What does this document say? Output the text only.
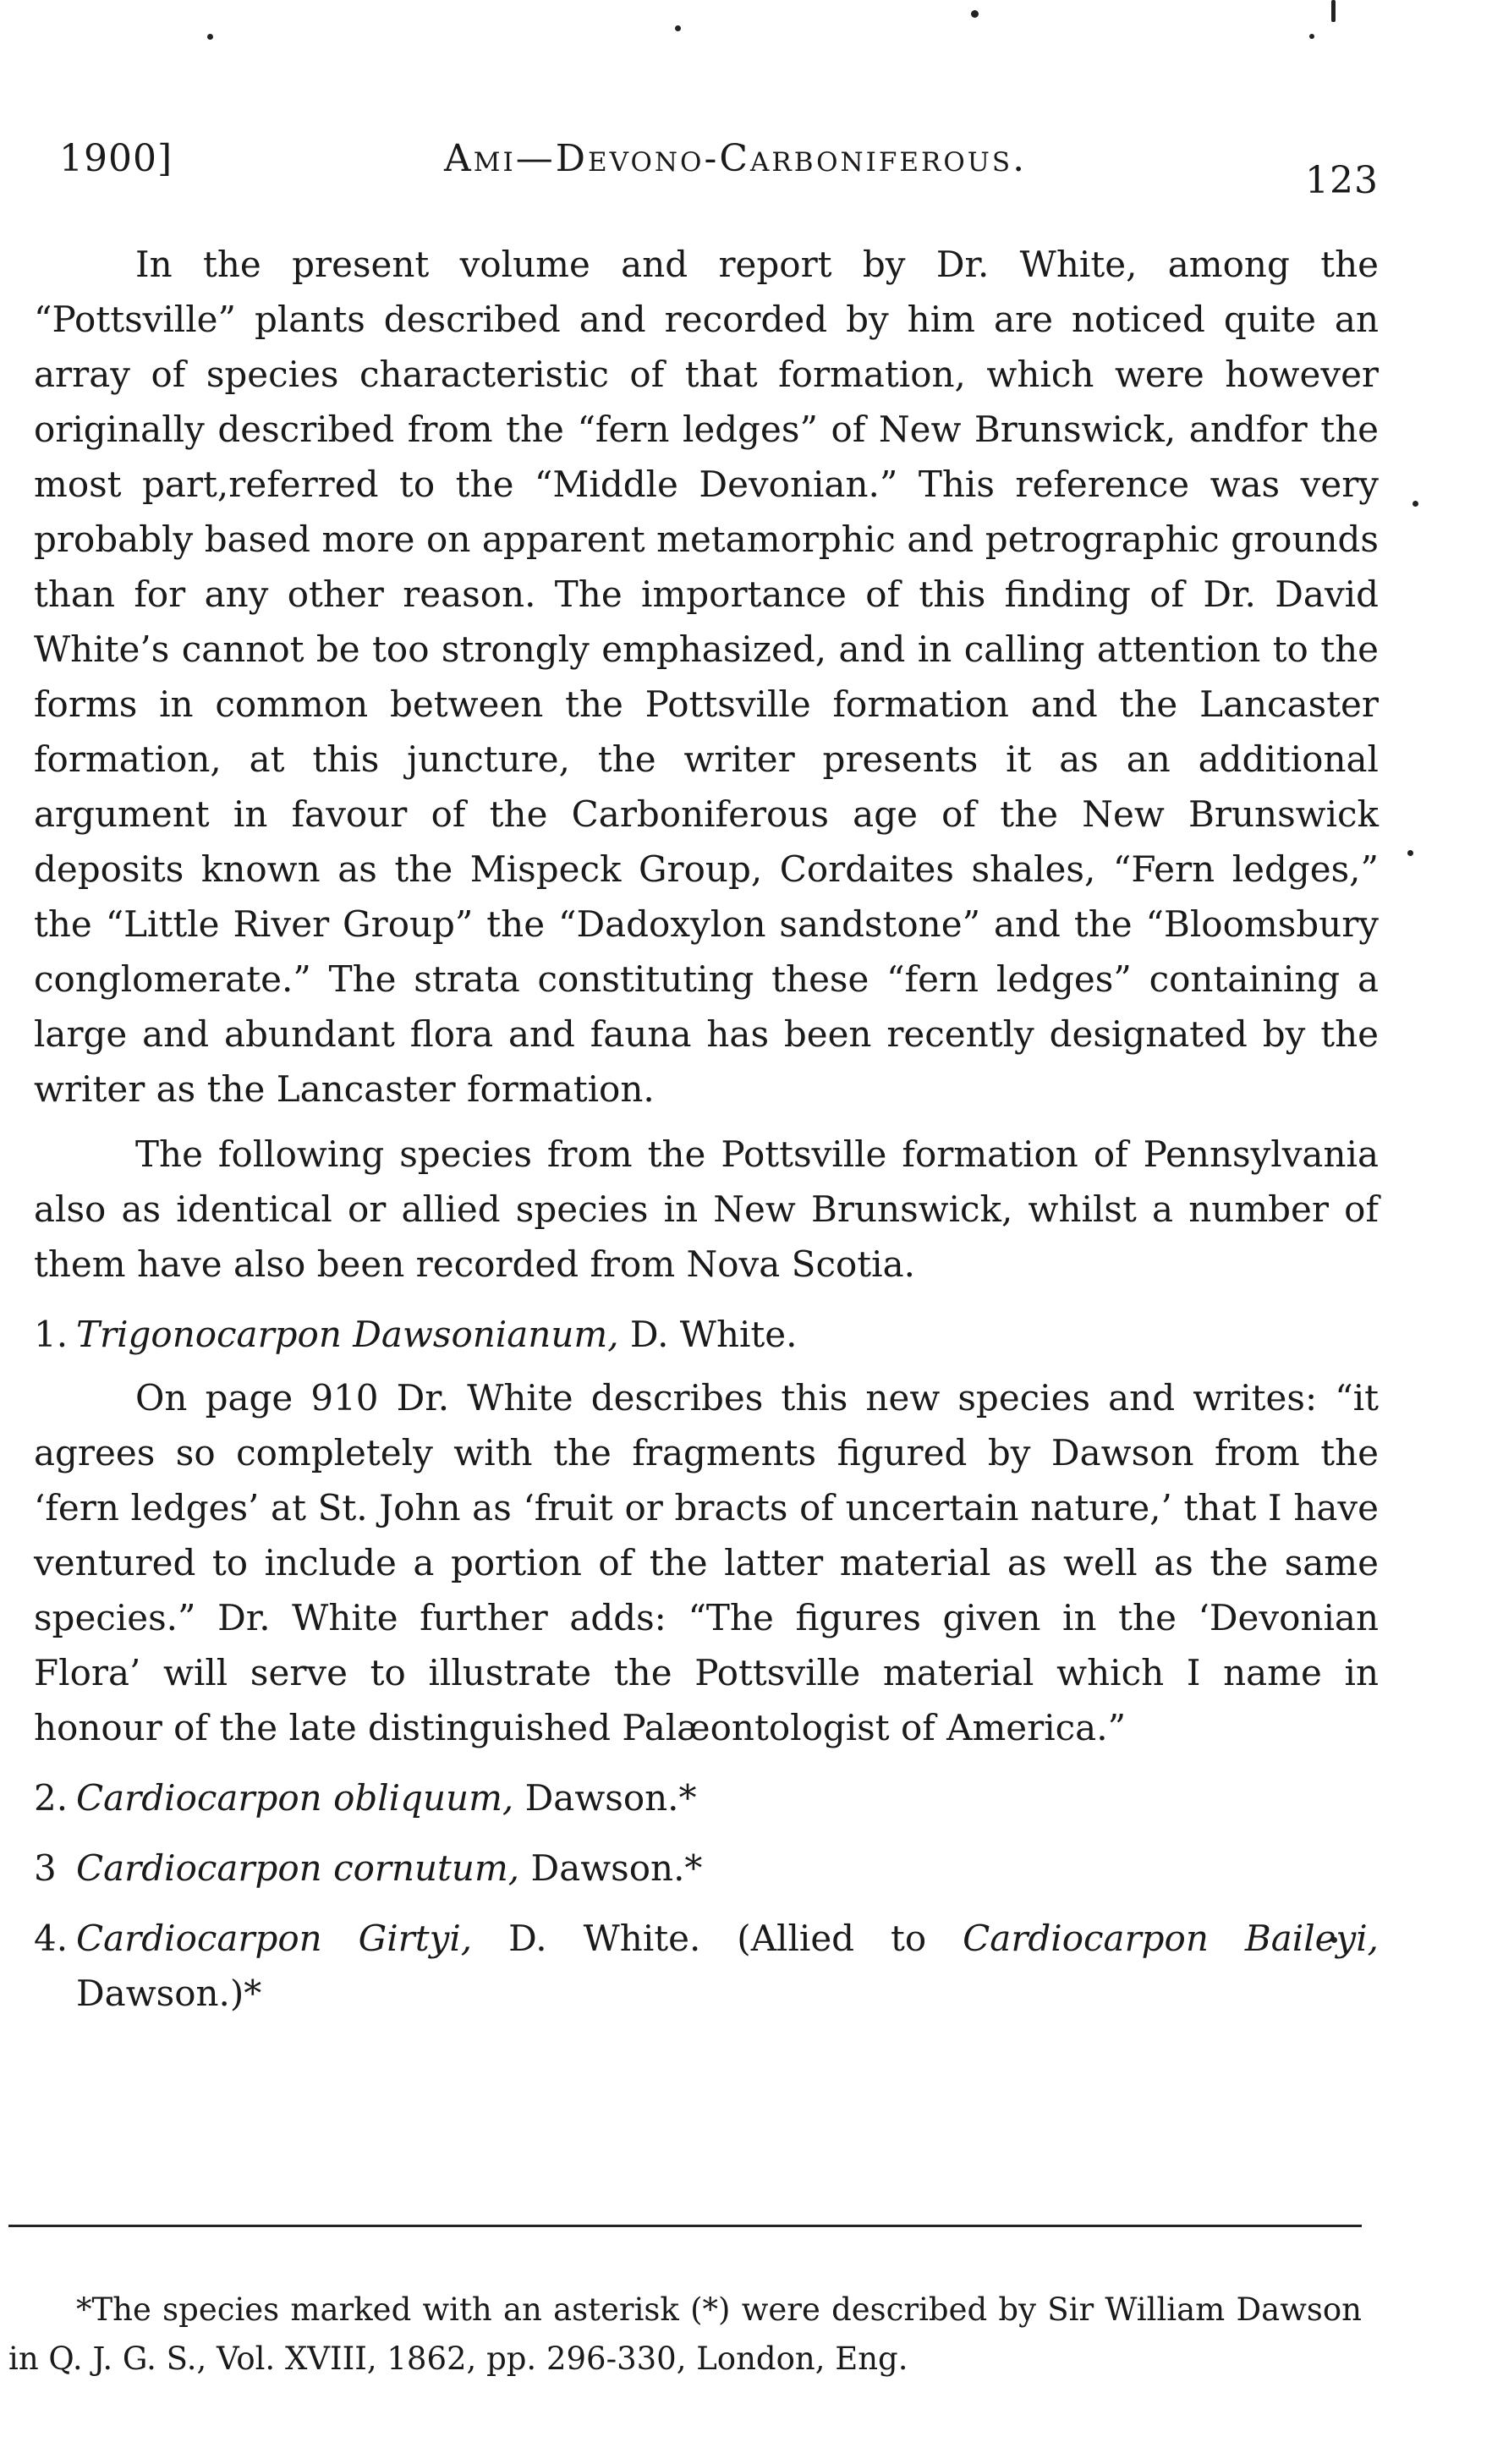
1900]	Ami—Devono-Carboniferous.
123

In the present volume and report by Dr. White, among the “Pottsville” plants described and recorded by him are noticed quite an array of species characteristic of that formation, which were however originally described from the “fern ledges” of New Brunswick, andfor the most part,referred to the “Middle Devonian.” This reference was very probably based more on apparent metamorphic and petrographic grounds than for any other reason. The importance of this finding of Dr. David White’s cannot be too strongly emphasized, and in calling attention to the forms in common between the Pottsville formation and the Lancaster formation, at this juncture, the writer presents it as an additional argument in favour of the Carboniferous age of the New Brunswick deposits known as the Mispeck Group, Cordaites shales, “Fern ledges,” the “Little River Group” the “Dadoxylon sandstone” and the “Bloomsbury conglomerate.” The strata constituting these “fern ledges” containing a large and abundant flora and fauna has been recently designated by the writer as the Lancaster formation.

The following species from the Pottsville formation of Pennsylvania also as identical or allied species in New Brunswick, whilst a number of them have also been recorded from Nova Scotia.

1. Trigonocarpon Dawsonianum, D. White.

On page 910 Dr. White describes this new species and writes: “it agrees so completely with the fragments figured by Dawson from the ‘fern ledges’ at St. John as ‘fruit or bracts of uncertain nature,’ that I have ventured to include a portion of the latter material as well as the same species.” Dr. White further adds: “The figures given in the ‘Devonian Flora’ will serve to illustrate the Pottsville material which I name in honour of the late distinguished Palæontologist of America.”

2. Cardiocarpon obliquum, Dawson.*

3 Cardiocarpon cornutum, Dawson.*

4. Cardiocarpon Girtyi, D. White. (Allied to Cardiocarpon Baileyi, Dawson.)*

*The species marked with an asterisk (*) were described by Sir William Dawson in Q. J. G. S., Vol. XVIII, 1862, pp. 296-330, London, Eng.
